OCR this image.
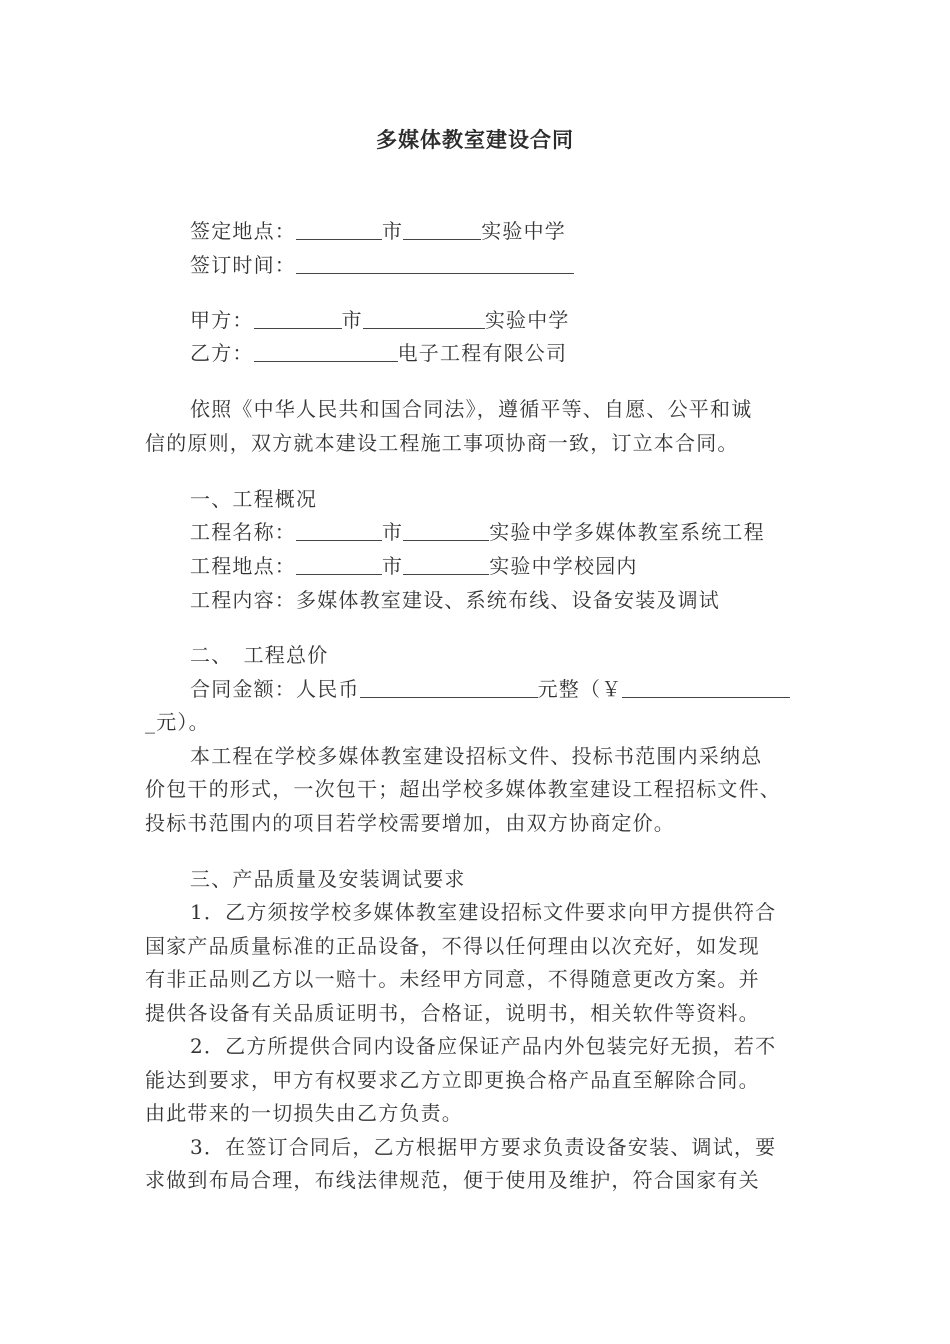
多媒体教室建设合同
签定地点：	市	实验中学
签订时间：
甲方：	市	实验中学
乙方：	电子工程有限公司
依照《中华人民共和国合同法》，遵循平等、自愿、公平和诚
信的原则，双方就本建设工程施工事项协商一致，订立本合同。
一、工程概况
工程名称：	市	实验中学多媒体教室系统工程
工程地点：	市	实验中学校园内
工程内容：多媒体教室建设、系统布线、设备安装及调试
二、　工程总价
合同金额：人民币	元整（￥
_元）。
本工程在学校多媒体教室建设招标文件、投标书范围内采纳总
价包干的形式，一次包干；超出学校多媒体教室建设工程招标文件、
投标书范围内的项目若学校需要增加，由双方协商定价。
三、产品质量及安装调试要求
1．乙方须按学校多媒体教室建设招标文件要求向甲方提供符合
国家产品质量标准的正品设备，不得以任何理由以次充好，如发现
有非正品则乙方以一赔十。未经甲方同意，不得随意更改方案。并
提供各设备有关品质证明书，合格证，说明书，相关软件等资料。
2．乙方所提供合同内设备应保证产品内外包装完好无损，若不
能达到要求，甲方有权要求乙方立即更换合格产品直至解除合同。
由此带来的一切损失由乙方负责。
3．在签订合同后，乙方根据甲方要求负责设备安装、调试，要
求做到布局合理，布线法律规范，便于使用及维护，符合国家有关
